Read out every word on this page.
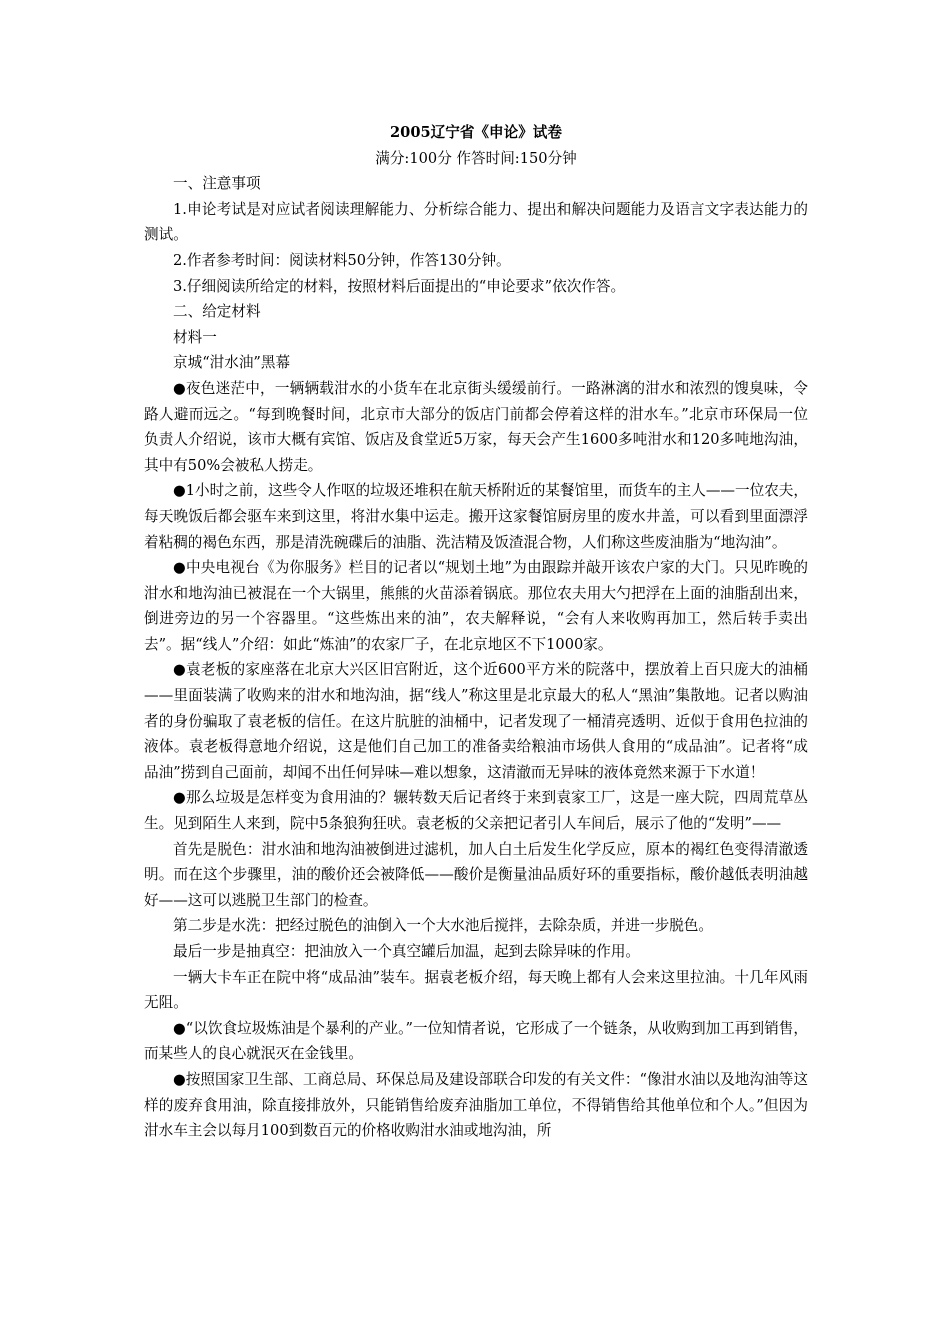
2005辽宁省《申论》试卷

满分:100分 作答时间:150分钟

一、注意事项

1.申论考试是对应试者阅读理解能力、分析综合能力、提出和解决问题能力及语言文字表达能力的测试。

2.作者参考时间：阅读材料50分钟，作答130分钟。

3.仔细阅读所给定的材料，按照材料后面提出的“申论要求”依次作答。

二、给定材料

材料一

京城“泔水油”黑幕

●夜色迷茫中，一辆辆载泔水的小货车在北京街头缓缓前行。一路淋漓的泔水和浓烈的馊臭味，令路人避而远之。“每到晚餐时间，北京市大部分的饭店门前都会停着这样的泔水车。”北京市环保局一位负责人介绍说，该市大概有宾馆、饭店及食堂近5万家，每天会产生1600多吨泔水和120多吨地沟油，其中有50%会被私人捞走。

●1小时之前，这些令人作呕的垃圾还堆积在航天桥附近的某餐馆里，而货车的主人——一位农夫，每天晚饭后都会驱车来到这里，将泔水集中运走。搬开这家餐馆厨房里的废水井盖，可以看到里面漂浮着粘稠的褐色东西，那是清洗碗碟后的油脂、洗洁精及饭渣混合物，人们称这些废油脂为“地沟油”。

●中央电视台《为你服务》栏目的记者以“规划土地”为由跟踪并敲开该农户家的大门。只见昨晚的泔水和地沟油已被混在一个大锅里，熊熊的火苗添着锅底。那位农夫用大勺把浮在上面的油脂刮出来，倒进旁边的另一个容器里。“这些炼出来的油”，农夫解释说，“会有人来收购再加工，然后转手卖出去”。据“线人”介绍：如此“炼油”的农家厂子，在北京地区不下1000家。

●袁老板的家座落在北京大兴区旧宫附近，这个近600平方米的院落中，摆放着上百只庞大的油桶——里面装满了收购来的泔水和地沟油，据“线人”称这里是北京最大的私人“黑油”集散地。记者以购油者的身份骗取了袁老板的信任。在这片肮脏的油桶中，记者发现了一桶清亮透明、近似于食用色拉油的液体。袁老板得意地介绍说，这是他们自己加工的准备卖给粮油市场供人食用的“成品油”。记者将“成品油”捞到自己面前，却闻不出任何异味—难以想象，这清澈而无异味的液体竟然来源于下水道！

●那么垃圾是怎样变为食用油的？辗转数天后记者终于来到袁家工厂，这是一座大院，四周荒草丛生。见到陌生人来到，院中5条狼狗狂吠。袁老板的父亲把记者引人车间后，展示了他的“发明”——

首先是脱色：泔水油和地沟油被倒进过滤机，加人白土后发生化学反应，原本的褐红色变得清澈透明。而在这个步骤里，油的酸价还会被降低——酸价是衡量油品质好环的重要指标，酸价越低表明油越好——这可以逃脱卫生部门的检查。

第二步是水洗：把经过脱色的油倒入一个大水池后搅拌，去除杂质，并进一步脱色。

最后一步是抽真空：把油放入一个真空罐后加温，起到去除异味的作用。

一辆大卡车正在院中将“成品油”装车。据袁老板介绍，每天晚上都有人会来这里拉油。十几年风雨无阻。

●“以饮食垃圾炼油是个暴利的产业。”一位知情者说，它形成了一个链条，从收购到加工再到销售，而某些人的良心就泯灭在金钱里。

●按照国家卫生部、工商总局、环保总局及建设部联合印发的有关文件：“像泔水油以及地沟油等这样的废弃食用油，除直接排放外，只能销售给废弃油脂加工单位，不得销售给其他单位和个人。”但因为泔水车主会以每月100到数百元的价格收购泔水油或地沟油，所
